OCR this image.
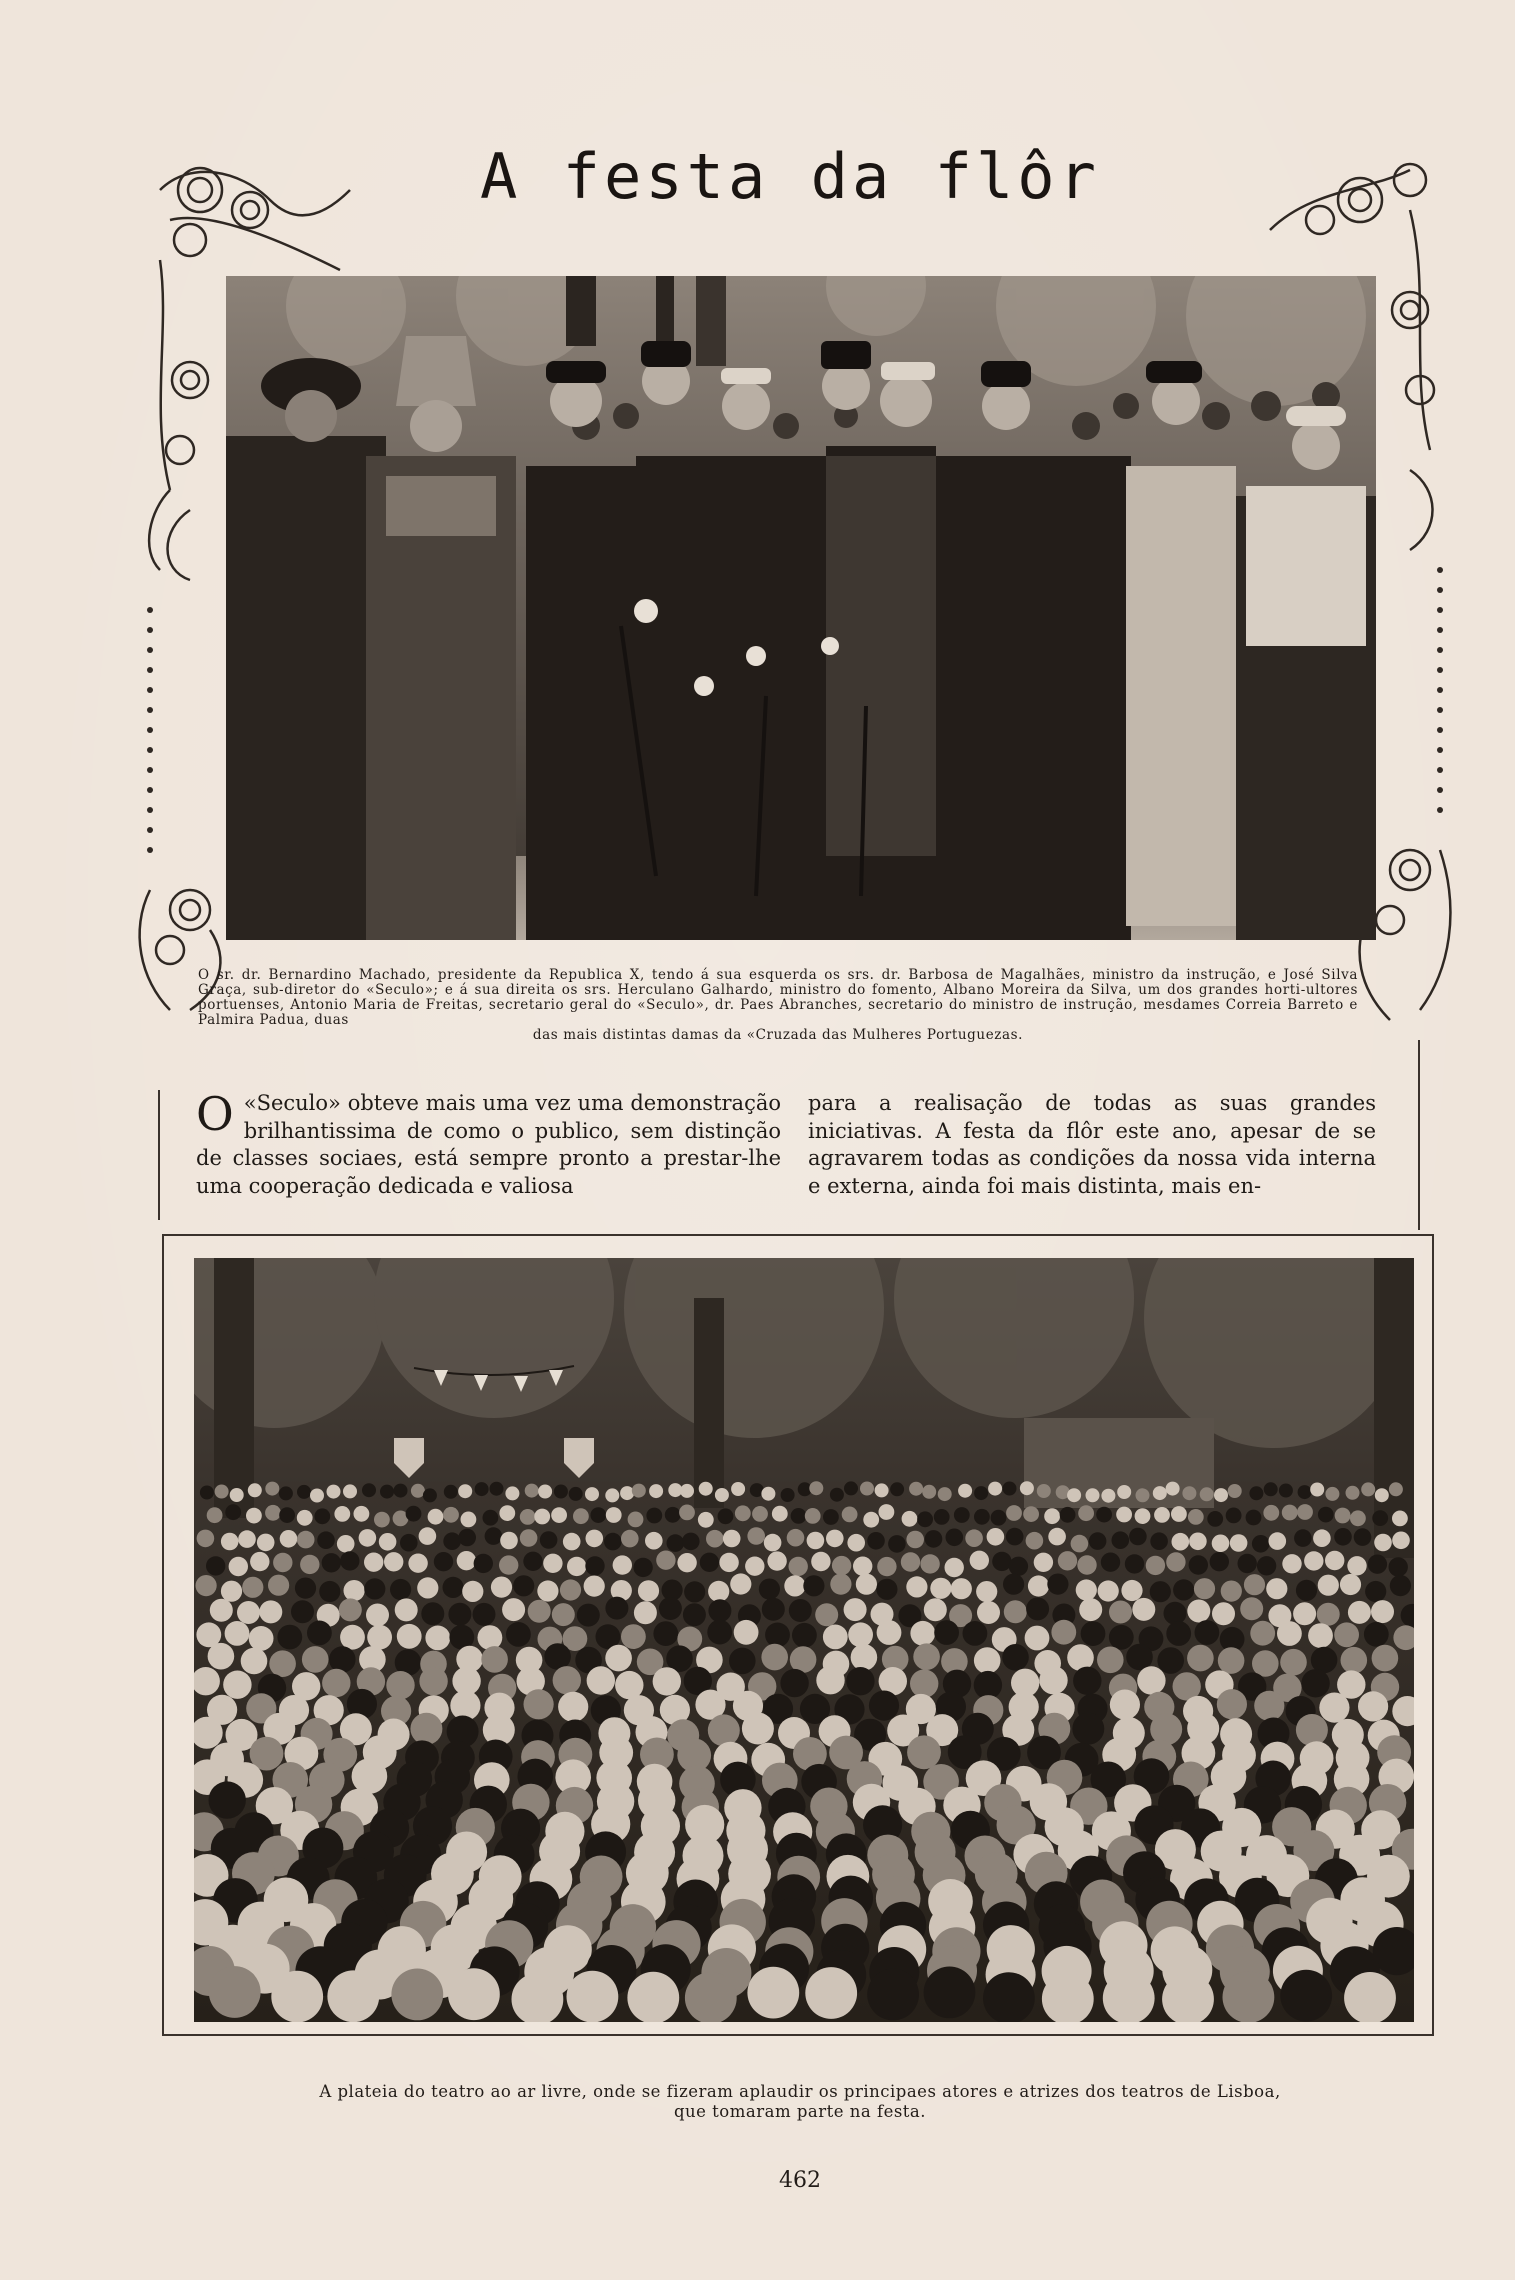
A festa da flôr
O sr. dr. Bernardino Machado, presidente da Republica X, tendo á sua esquerda os srs. dr. Barbosa de Magalhães, ministro da instrução, e José Silva Graça, sub-diretor do «Seculo»; e á sua direita os srs. Herculano Galhardo, ministro do fomento, Albano Moreira da Silva, um dos grandes horti-ultores portuenses, Antonio Maria de Freitas, secretario geral do «Seculo», dr. Paes Abranches, secretario do ministro de instrução, mesdames Correia Barreto e Palmira Padua, duas
das mais distintas damas da «Cruzada das Mulheres Portuguezas.
O «Seculo» obteve mais uma vez uma demonstração brilhantissima de como o publico, sem distinção de classes sociaes, está sempre pronto a prestar-lhe uma cooperação dedicada e valiosa
para a realisação de todas as suas grandes iniciativas. A festa da flôr este ano, apesar de se agravarem todas as condições da nossa vida interna e externa, ainda foi mais distinta, mais en-
A plateia do teatro ao ar livre, onde se fizeram aplaudir os principaes atores e atrizes dos teatros de Lisboa,
que tomaram parte na festa.
462
